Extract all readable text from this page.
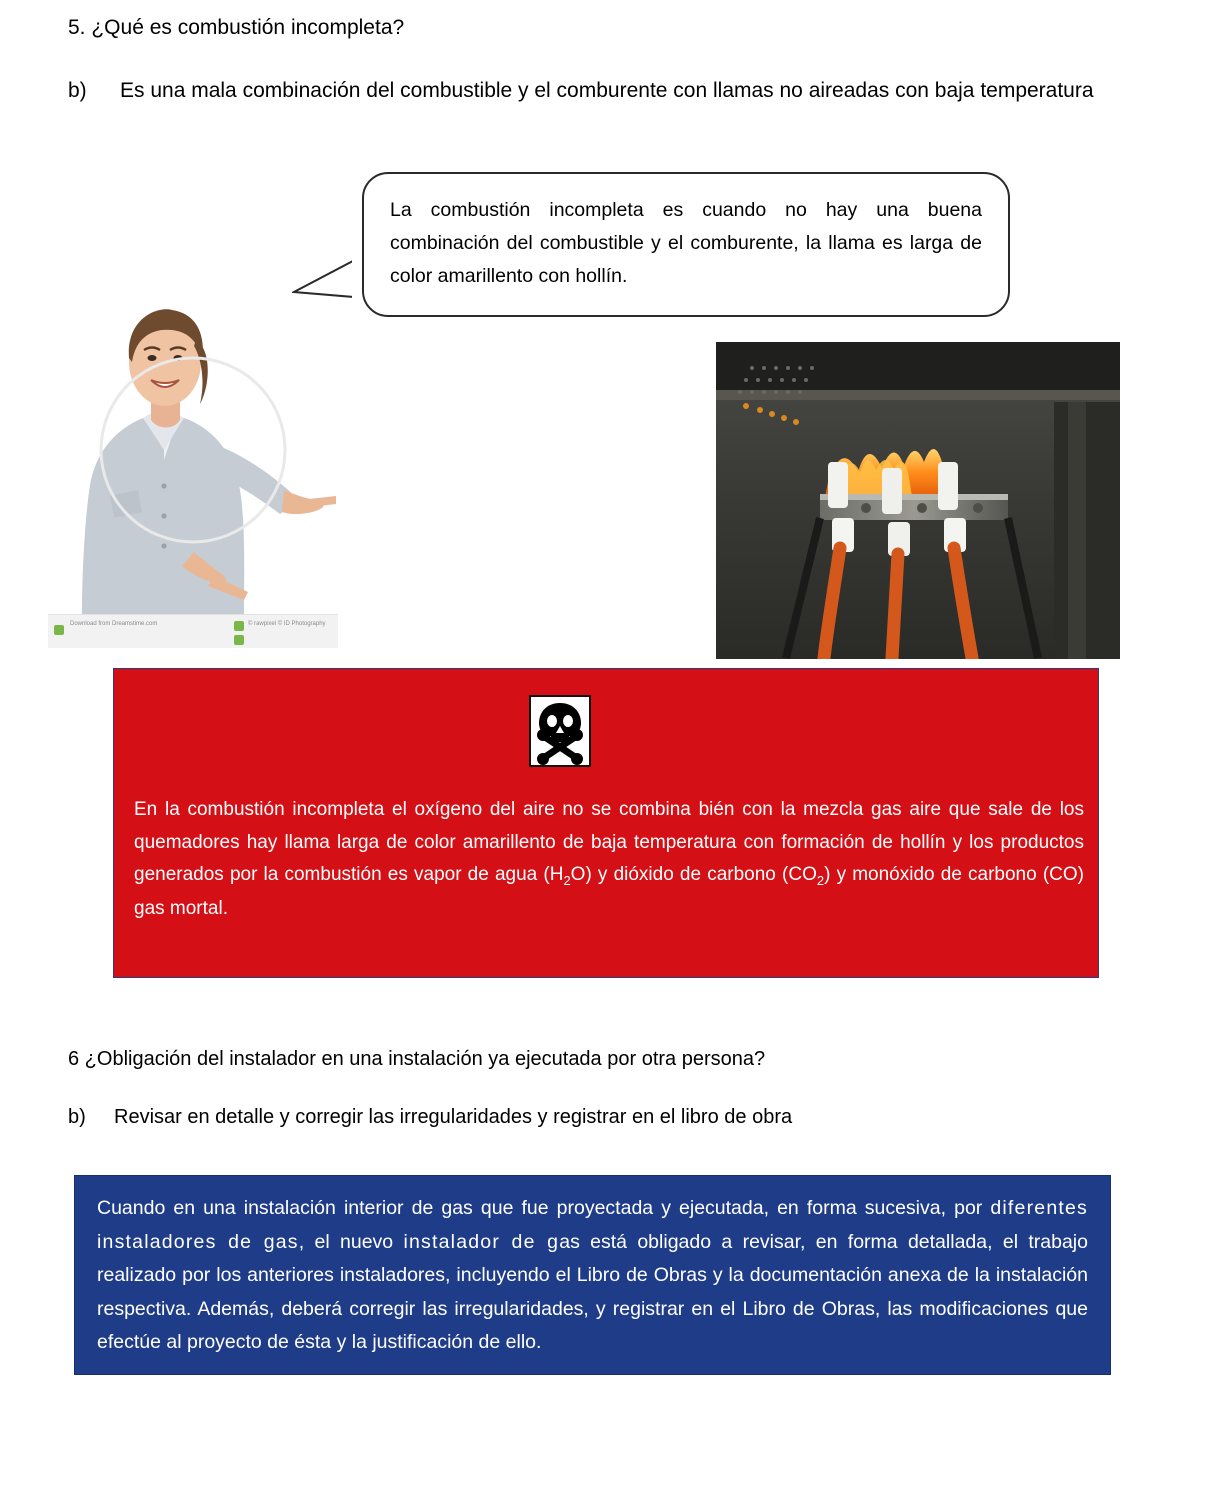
5. ¿Qué es combustión incompleta?
b) Es una mala combinación del combustible y el comburente con llamas no aireadas con baja temperatura
La combustión incompleta es cuando no hay una buena combinación del combustible y el comburente, la llama es larga de color amarillento con hollín.
Download from Dreamstime.com	© rawpixel © ID Photography
En la combustión incompleta el oxígeno del aire no se combina bién con la mezcla gas aire que sale de los quemadores hay llama larga de color amarillento de baja temperatura con formación de hollín y los productos generados por la combustión es vapor de agua $(H_2O)$ y dióxido de carbono $(CO_2)$ y monóxido de carbono (CO) gas mortal.
6 ¿Obligación del instalador en una instalación ya ejecutada por otra persona?
b) Revisar en detalle y corregir las irregularidades y registrar en el libro de obra
Cuando en una instalación interior de gas que fue proyectada y ejecutada, en forma sucesiva, por diferentes instaladores de gas, el nuevo instalador de gas está obligado a revisar, en forma detallada, el trabajo realizado por los anteriores instaladores, incluyendo el Libro de Obras y la documentación anexa de la instalación respectiva. Además, deberá corregir las irregularidades, y registrar en el Libro de Obras, las modificaciones que efectúe al proyecto de ésta y la justificación de ello.
